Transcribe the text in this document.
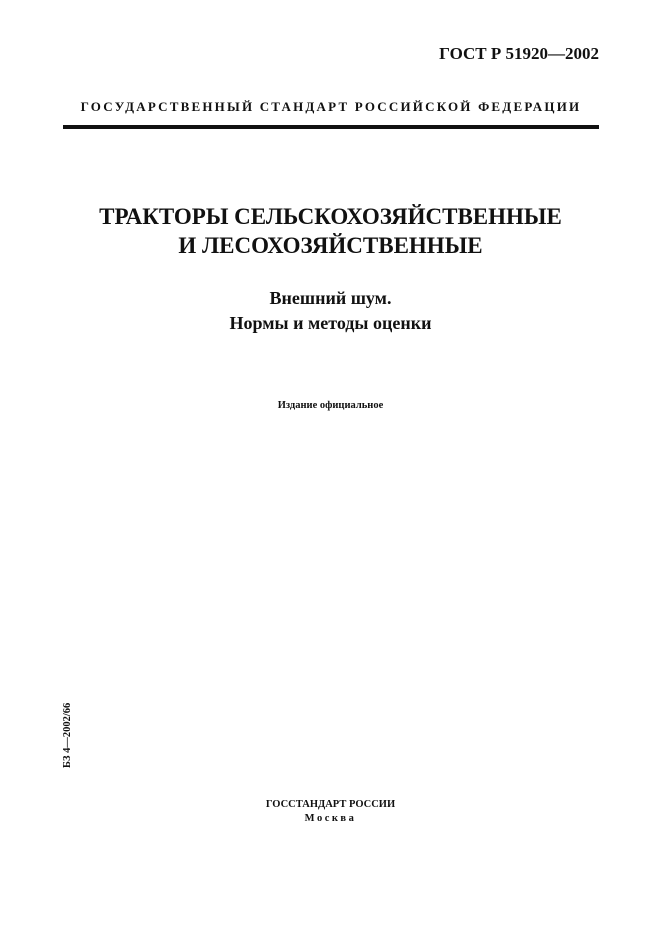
ГОСТ Р 51920—2002
ГОСУДАРСТВЕННЫЙ СТАНДАРТ РОССИЙСКОЙ ФЕДЕРАЦИИ
ТРАКТОРЫ СЕЛЬСКОХОЗЯЙСТВЕННЫЕ
И ЛЕСОХОЗЯЙСТВЕННЫЕ
Внешний шум.
Нормы и методы оценки
Издание официальное
БЗ 4—2002/66
ГОССТАНДАРТ РОССИИ
Москва
